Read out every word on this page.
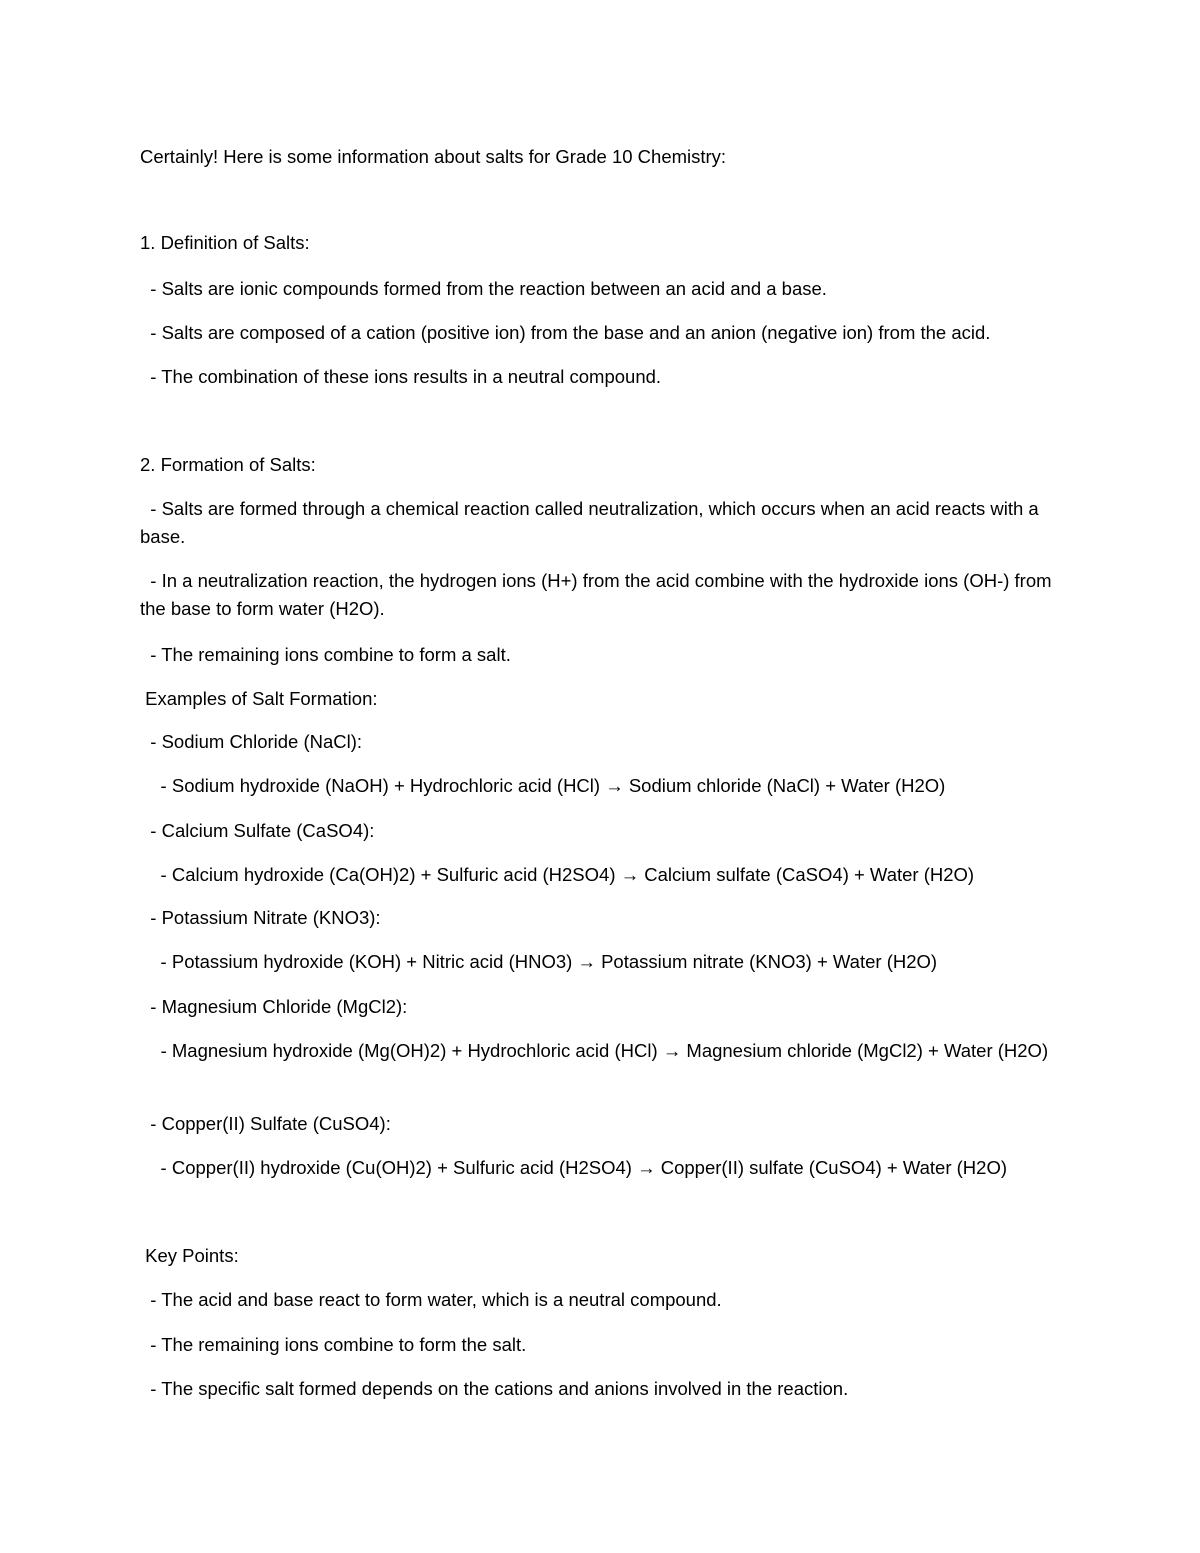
Certainly! Here is some information about salts for Grade 10 Chemistry:
1. Definition of Salts:
- Salts are ionic compounds formed from the reaction between an acid and a base.
- Salts are composed of a cation (positive ion) from the base and an anion (negative ion) from the acid.
- The combination of these ions results in a neutral compound.
2. Formation of Salts:
- Salts are formed through a chemical reaction called neutralization, which occurs when an acid reacts with a base.
- In a neutralization reaction, the hydrogen ions (H+) from the acid combine with the hydroxide ions (OH-) from the base to form water (H2O).
- The remaining ions combine to form a salt.
Examples of Salt Formation:
- Sodium Chloride (NaCl):
- Sodium hydroxide (NaOH) + Hydrochloric acid (HCl) → Sodium chloride (NaCl) + Water (H2O)
- Calcium Sulfate (CaSO4):
- Calcium hydroxide (Ca(OH)2) + Sulfuric acid (H2SO4) → Calcium sulfate (CaSO4) + Water (H2O)
- Potassium Nitrate (KNO3):
- Potassium hydroxide (KOH) + Nitric acid (HNO3) → Potassium nitrate (KNO3) + Water (H2O)
- Magnesium Chloride (MgCl2):
- Magnesium hydroxide (Mg(OH)2) + Hydrochloric acid (HCl) → Magnesium chloride (MgCl2) + Water (H2O)
- Copper(II) Sulfate (CuSO4):
- Copper(II) hydroxide (Cu(OH)2) + Sulfuric acid (H2SO4) → Copper(II) sulfate (CuSO4) + Water (H2O)
Key Points:
- The acid and base react to form water, which is a neutral compound.
- The remaining ions combine to form the salt.
- The specific salt formed depends on the cations and anions involved in the reaction.
